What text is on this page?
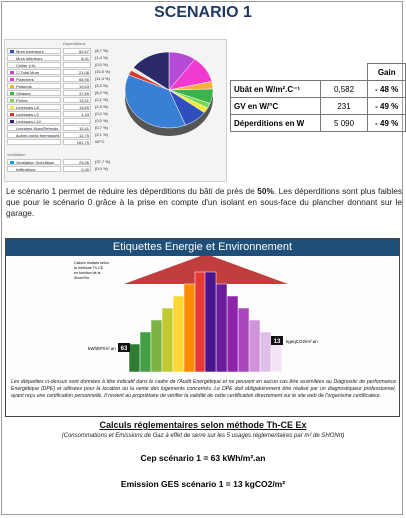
SCENARIO 1
Déperditions
Murs extérieurs	52,67	(8,7 %)
Murs intérieurs	8,41	(1,4 %)
Cellier V.N.	(0,0 %)
☐ Total Murs	21,08	(10,0 %)
Planchers	68,95	(11,4 %)
Plafonds	19,63	(3,2 %)
Vitrages	37,65	(6,2 %)
Portes	13,01	(2,1 %)
Linéiques L8	13,69	(2,3 %)
Linéiques L9	1,43	(0,2 %)
Linéiques L10	(0,0 %)
Linéaires Murs/Refends	10,41	(0,7 %)
Autres ponts thermiques	12,75	(2,1 %)
161,75	W/°C
Ventilation
Ventilation Spécifique	23,06	(37,7 %)
Infiltrations	0,39	(0,0 %)
		Gain
Ubât en W/m².C⁻¹	0,582	- 48 %
GV en W/°C	231	- 49 %
Déperditions en W	5 090	- 49 %
Le scénario 1 permet de réduire les déperditions du bâti de près de 50%. Les déperditions sont plus faibles que pour le scénario 0 grâce à la prise en compte d'un isolant en sous-face du plancher donnant sur le garage.
Etiquettes Energie et Environnement
Calculs réalisés selon
la méthode Th-CE
en fonction de la
Shon/Shr
kWhEP/m².an 63
13 kgeqCO2/m².an
Les étiquettes ci-dessus sont données à titre indicatif dans le cadre de l'Audit Energétique et ne peuvent en aucun cas être assimilées au Diagnostic de performance Energétique (DPE) et utilisées pour la location ou la vente des logements concernés. Le DPE doit obligatoirement être réalisé par un diagnostiqueur professionnel, ayant reçu une certification personnelle. Il revient au propriétaire de vérifier la validité de cette certification directement sur le site web de l'organisme certificateur.
Calculs réglementaires selon méthode Th-CE Ex
(Consommations et Emissions de Gaz à effet de serre sur les 5 usages réglementaires par m² de SHONrt)
Cep scénario 1 = 63 kWh/m².an
Emission GES scénario 1 = 13 kgCO2/m²
